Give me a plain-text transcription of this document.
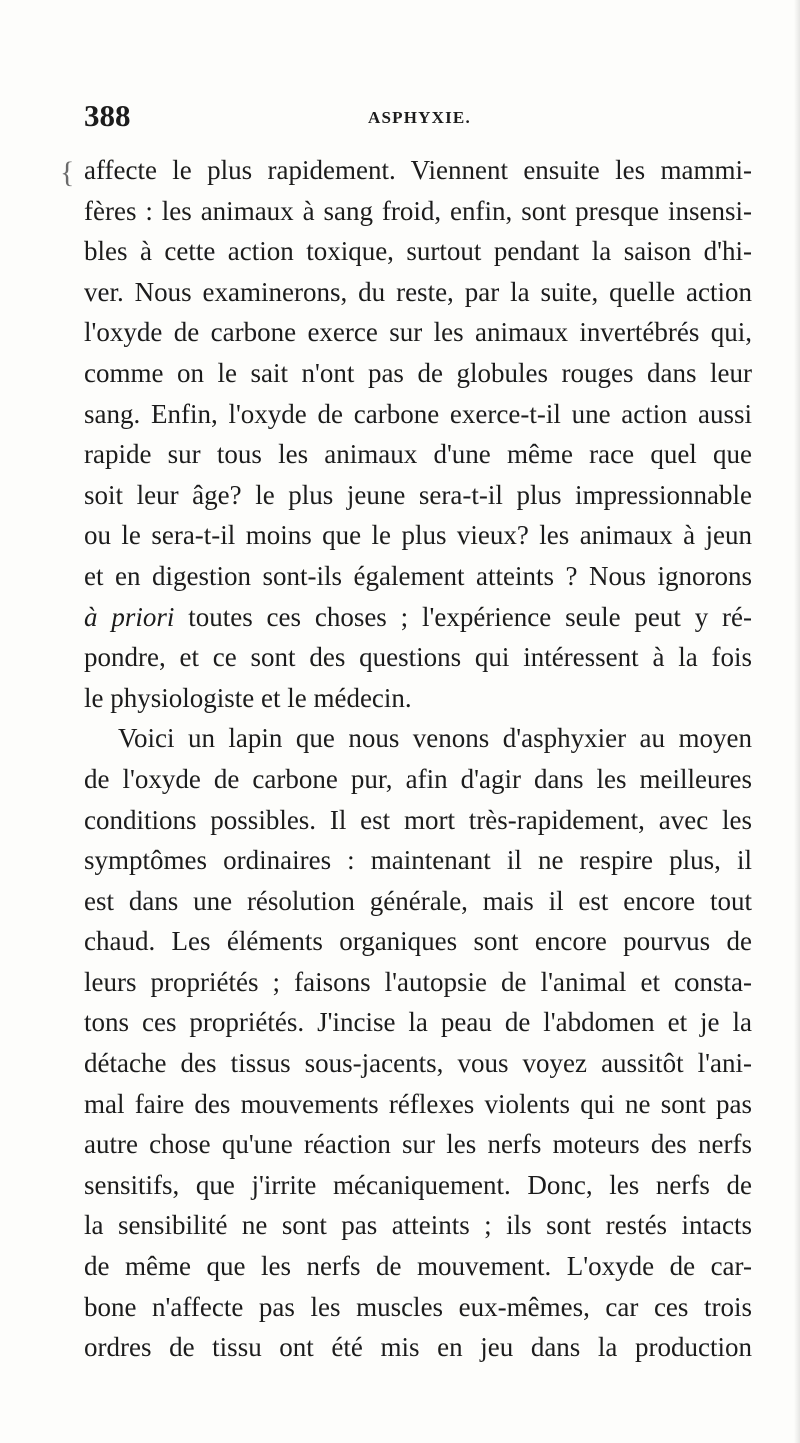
388	ASPHYXIE.
{ affecte le plus rapidement. Viennent ensuite les mammi-
fères : les animaux à sang froid, enfin, sont presque insensi-
bles à cette action toxique, surtout pendant la saison d'hi-
ver. Nous examinerons, du reste, par la suite, quelle action
l'oxyde de carbone exerce sur les animaux invertébrés qui,
comme on le sait n'ont pas de globules rouges dans leur
sang. Enfin, l'oxyde de carbone exerce-t-il une action aussi
rapide sur tous les animaux d'une même race quel que
soit leur âge? le plus jeune sera-t-il plus impressionnable
ou le sera-t-il moins que le plus vieux? les animaux à jeun
et en digestion sont-ils également atteints ? Nous ignorons
à priori toutes ces choses ; l'expérience seule peut y ré-
pondre, et ce sont des questions qui intéressent à la fois
le physiologiste et le médecin.
Voici un lapin que nous venons d'asphyxier au moyen
de l'oxyde de carbone pur, afin d'agir dans les meilleures
conditions possibles. Il est mort très-rapidement, avec les
symptômes ordinaires : maintenant il ne respire plus, il
est dans une résolution générale, mais il est encore tout
chaud. Les éléments organiques sont encore pourvus de
leurs propriétés ; faisons l'autopsie de l'animal et consta-
tons ces propriétés. J'incise la peau de l'abdomen et je la
détache des tissus sous-jacents, vous voyez aussitôt l'ani-
mal faire des mouvements réflexes violents qui ne sont pas
autre chose qu'une réaction sur les nerfs moteurs des nerfs
sensitifs, que j'irrite mécaniquement. Donc, les nerfs de
la sensibilité ne sont pas atteints ; ils sont restés intacts
de même que les nerfs de mouvement. L'oxyde de car-
bone n'affecte pas les muscles eux-mêmes, car ces trois
ordres de tissu ont été mis en jeu dans la production
